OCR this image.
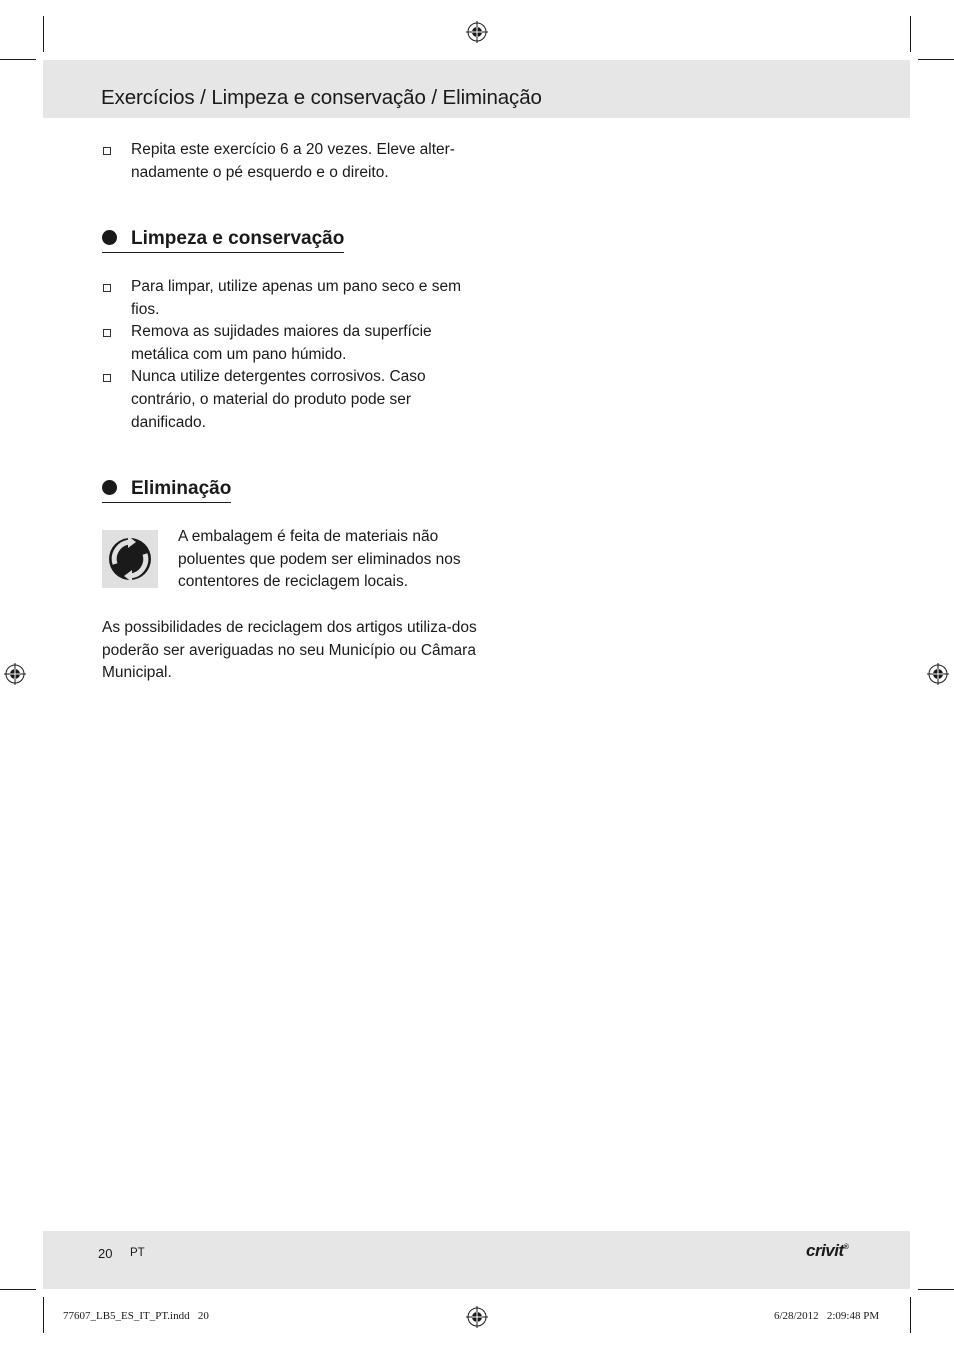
Exercícios / Limpeza e conservação / Eliminação
Repita este exercício 6 a 20 vezes. Eleve alter-nadamente o pé esquerdo e o direito.
Limpeza e conservação
Para limpar, utilize apenas um pano seco e sem fios.
Remova as sujidades maiores da superfície metálica com um pano húmido.
Nunca utilize detergentes corrosivos. Caso contrário, o material do produto pode ser danificado.
Eliminação
A embalagem é feita de materiais não poluentes que podem ser eliminados nos contentores de reciclagem locais.
As possibilidades de reciclagem dos artigos utiliza-dos poderão ser averiguadas no seu Município ou Câmara Municipal.
20 PT	crivit®
77607_LB5_ES_IT_PT.indd   20	6/28/2012   2:09:48 PM
